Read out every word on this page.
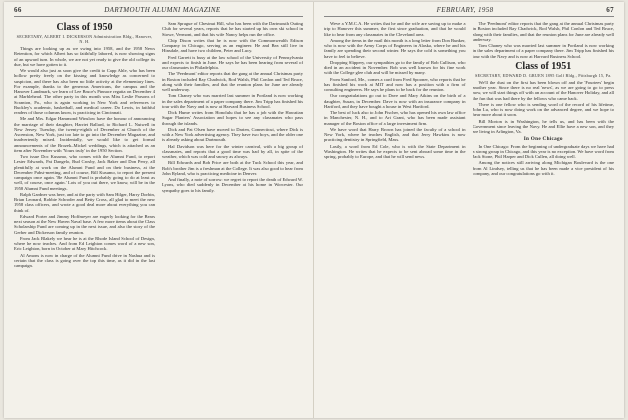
66	DARTMOUTH ALUMNI MAGAZINE
Class of 1950
SECRETARY, ALBERT I. DICKERSON Administration Bldg., Hanover, N. H.

Things are looking up as we swing into 1958, and the 1958 News Retention, for which Albert has so faithfully labored, is now showing signs of an upward turn. In whole, we are not yet ready to give the old college its due, but we have gotten to it.

We would also just as soon give the credit to Capp Ahle, who has been hollow pretty freely on the kissing and knowledge as concerned to suspicion, and there has also been no little activity at the elementary lines. For example, thanks to the generous Americans, the campus and the Hanover Landmark, we learn of Lee Bruce's Pinnace regatta on December 4 at Marblehead. The other party in this month was Miss Leslie Parsons of Scranton, Pa., who is again working in New York and references to Buckley's academic, basketball, and medical career. Do Lewis, in faithful readers of those columns know, is practicing in Cincinnati.

Me and Mrs. Edgar Hammond Winslow have the honour of announcing the marriage of their daughter, Harriet Ballard, to Richard L. Nutwell in New Jersey. Tuesday, the twenty-eighth of December at Church of the Ascension, New York, just too late to go into the December Magazine, and inadvertently mixed. Incidentally, we would like to get formal announcements of the Brozek–Mickel weddings, which is attached as an item after November with 'Yours truly' in the 1950 Section.

Two issue Doc Kusumo, who comes with the Alumni Fund, to report Lester Edwards, Pat Dangelo, Bud Crosby, Jack Baker and Don Perry, all plentifully at work on the Alumni Fund and on their business, at the December Pabst-meeting, and of course, Bill Kusumo, to report the present campaign once again. 'Be Alumni Fund is probably going to do at least as well, of course, once again.' Lots of you out there, we know, will be in the 1958 Alumni Fund meetings.

Ralph Gardner was here, and at the party with Sam Hilger, Harry Dorbin, Brian Leonard, Robbie Schroder and Betty Cross, all glad to meet the new 1958 class officers, and wrote a good deal more about everything you can think of.

Edward Porter and Jimmy Hoffmeyer are eagerly looking for the Bears next season at the New Haven Naval base. A few more items about the Class Scholarship Fund are coming up in the next issue, and also the story of the Gerber and Dickerson family reunion.

From Jack Blakely we hear he is at the Rhode Island School of Design, where he now teaches. And from Ed Leighton comes word of a new son, Eric Leighton, born in October at Mary Hitchcock.

Al Amons is now in charge of the Alumni Fund drive in Nashua and is certain that the class is going over the top this time, as it did in the last campaign.

Sam Sprague of Chestnut Hill, who has been with the Dartmouth Outing Club for several years, reports that he has started up his own ski school in Stowe, Vermont, and that his wife Nancy helps run the office.

Chip Dixon writes that he is now with the Commonwealth Edison Company in Chicago, serving as an engineer. He and Bea still live in Hinsdale, and have two children, Peter and Lucy.

Fred Garrett is busy at the law school of the University of Pennsylvania and expects to finish in June. He says he has been hearing from several of our classmates in Philadelphia.

The 'Peedmont' editor reports that the gang at the annual Christmas party in Boston included Ray Chadwick, Rod Walsh, Phil Conlon and Ted Bruce, along with their families, and that the reunion plans for June are already well underway.

Tom Chaney who was married last summer in Portland is now working in the sales department of a paper company there. Jim Tripp has finished his tour with the Navy and is now at Harvard Business School.

Dick Hume writes from Honolulu that he has a job with the Hawaiian Sugar Planters' Association and hopes to see any classmates who pass through the islands.

Dick and Pat Olsen have moved to Darien, Connecticut, where Dick is with a New York advertising agency. They have two boys, and the older one is already asking about Dartmouth.

Hal Davidson was here for the winter carnival, with a big group of classmates, and reports that a good time was had by all, in spite of the weather, which was cold and snowy as always.

Bill Edwards and Bob Price are both at the Tuck School this year, and Bob's brother Jim is a freshman at the College. It was also good to hear from John Ryland, who is practicing medicine in Denver.

And finally, a note of sorrow: we regret to report the death of Edward W. Lyons, who died suddenly in December at his home in Worcester. Our sympathy goes to his family.

FEBRUARY, 1958	67

Weve a Y.M.C.A. He writes that he and the wife are saving up to make a trip to Hanover this summer, the first since graduation, and that he would like to hear from any classmates in the Cleveland area.

Among the items in the mail this month is a long letter from Don Bunker, who is now with the Army Corps of Engineers in Alaska, where he and his family are spending their second winter. He says the cold is something you have to feel to believe.

Dropping Slippery, our sympathies go to the family of Bob Cullison, who died in an accident in November. Bob was well known for his fine work with the College glee club and will be missed by many.

From Sanford, Me., comes a card from Fred Spooner, who reports that he has finished his work at MIT and now has a position with a firm of consulting engineers. He says he plans to be back for the reunion.

Our congratulations go out to Dave and Mary Atkins on the birth of a daughter, Susan, in December. Dave is now with an insurance company in Hartford, and they have bought a house in West Hartford.

The best of luck also to John Fischer, who has opened his own law office in Manchester, N. H., and to Art Grant, who has been made assistant manager of the Boston office of a large investment firm.

We have word that Harry Brown has joined the faculty of a school in New York, where he teaches English, and that Jerry Hawkins is now practicing dentistry in Springfield, Mass.

Lastly, a word from Ed Cole, who is with the State Department in Washington. He writes that he expects to be sent abroad some time in the spring, probably to Europe, and that he will send news.

The 'Peedmont' editor reports that the gang at the annual Christmas party in Boston included Ray Chadwick, Rod Walsh, Phil Conlon and Ted Bruce, along with their families, and that the reunion plans for June are already well underway.

Tom Chaney who was married last summer in Portland is now working in the sales department of a paper company there. Jim Tripp has finished his tour with the Navy and is now at Harvard Business School.

Class of 1951
SECRETARY, EDWARD D. GRUEN 1895 Golf Bldg., Pittsburgh 15, Pa.

We'll the dust on the first has been blown off and the 'Fourtees' begin another year. Since there is no real 'news', as we are going to go to press now, we will start things off with an account of the Hanover Holiday, and all the fun that was had there by the fellows who came back.

There is one fellow who is sending word of the record of his lifetime, John Lu, who is now doing work on the advanced degree, and we hope to hear more about it soon.

Bill Morton is in Washington, he tells us, and has been with the Government since leaving the Navy. He and Ellie have a new son, and they are living in Arlington, Va.

In One Chicago

In One Chicago: From the beginning of undergraduate days we have had a strong group in Chicago, and this year is no exception. We have word from Jack Stone, Phil Harper and Dick Cullen, all doing well.

Among the notices still arriving along Michigan Boulevard is the one from Al Lindsey, telling us that he has been made a vice president of his company, and our congratulations go with it.
